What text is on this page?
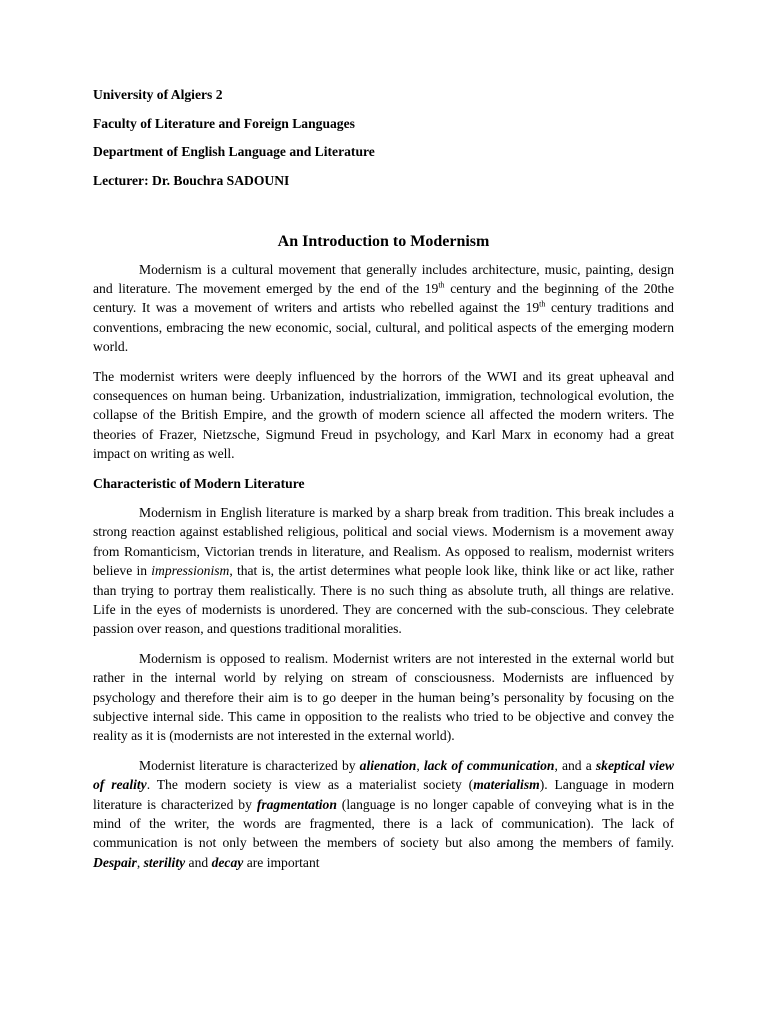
University of Algiers 2
Faculty of Literature and Foreign Languages
Department of English Language and Literature
Lecturer: Dr. Bouchra SADOUNI
An Introduction to Modernism

Modernism is a cultural movement that generally includes architecture, music, painting, design and literature. The movement emerged by the end of the 19th century and the beginning of the 20the century. It was a movement of writers and artists who rebelled against the 19th century traditions and conventions, embracing the new economic, social, cultural, and political aspects of the emerging modern world.

The modernist writers were deeply influenced by the horrors of the WWI and its great upheaval and consequences on human being. Urbanization, industrialization, immigration, technological evolution, the collapse of the British Empire, and the growth of modern science all affected the modern writers. The theories of Frazer, Nietzsche, Sigmund Freud in psychology, and Karl Marx in economy had a great impact on writing as well.

Characteristic of Modern Literature

Modernism in English literature is marked by a sharp break from tradition. This break includes a strong reaction against established religious, political and social views. Modernism is a movement away from Romanticism, Victorian trends in literature, and Realism. As opposed to realism, modernist writers believe in impressionism, that is, the artist determines what people look like, think like or act like, rather than trying to portray them realistically. There is no such thing as absolute truth, all things are relative. Life in the eyes of modernists is unordered. They are concerned with the sub-conscious. They celebrate passion over reason, and questions traditional moralities.

Modernism is opposed to realism. Modernist writers are not interested in the external world but rather in the internal world by relying on stream of consciousness. Modernists are influenced by psychology and therefore their aim is to go deeper in the human being’s personality by focusing on the subjective internal side. This came in opposition to the realists who tried to be objective and convey the reality as it is (modernists are not interested in the external world).

Modernist literature is characterized by alienation, lack of communication, and a skeptical view of reality. The modern society is view as a materialist society (materialism). Language in modern literature is characterized by fragmentation (language is no longer capable of conveying what is in the mind of the writer, the words are fragmented, there is a lack of communication). The lack of communication is not only between the members of society but also among the members of family. Despair, sterility and decay are important
